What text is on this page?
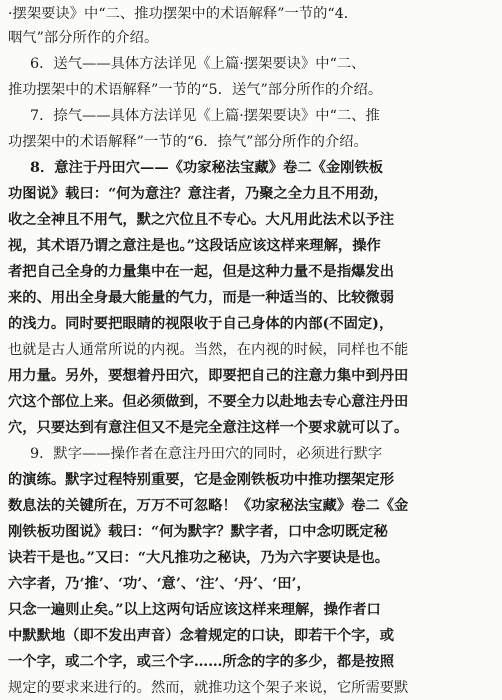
·摆架要诀》中“二、推功摆架中的术语解释”一节的“4．
咽气”部分所作的介绍。
6．送气——具体方法详见《上篇·摆架要诀》中“二、
推功摆架中的术语解释”一节的“5．送气”部分所作的介绍。
7．捺气——具体方法详见《上篇·摆架要诀》中“二、推
功摆架中的术语解释”一节的“6．捺气”部分所作的介绍。
8．意注于丹田穴——《功家秘法宝藏》卷二《金刚铁板
功图说》载曰：“何为意注？意注者，乃聚之全力且不用劲，
收之全神且不用气，默之穴位且不专心。大凡用此法术以予注
视，其术语乃谓之意注是也。”这段话应该这样来理解，操作
者把自己全身的力量集中在一起，但是这种力量不是指爆发出
来的、用出全身最大能量的气力，而是一种适当的、比较微弱
的浅力。同时要把眼睛的视限收于自己身体的内部(不固定)，
也就是古人通常所说的内视。当然，在内视的时候，同样也不能
用力量。另外，要想着丹田穴，即要把自己的注意力集中到丹田
穴这个部位上来。但必须做到，不要全力以赴地去专心意注丹田
穴，只要达到有意注但又不是完全意注这样一个要求就可以了。
9．默字——操作者在意注丹田穴的同时，必须进行默字
的演练。默字过程特别重要，它是金刚铁板功中推功摆架定形
数息法的关键所在，万万不可忽略！《功家秘法宝藏》卷二《金
刚铁板功图说》载曰：“何为默字？默字者，口中念叨既定秘
诀若干是也。”又曰：“大凡推功之秘诀，乃为六字要诀是也。
六字者，乃‘推’、‘功’、‘意’、‘注’、‘丹’、‘田’，
只念一遍则止矣。”以上这两句话应该这样来理解，操作者口
中默默地（即不发出声音）念着规定的口诀，即若干个字，或
一个字，或二个字，或三个字……所念的字的多少，都是按照
规定的要求来进行的。然而，就推功这个架子来说，它所需要默
